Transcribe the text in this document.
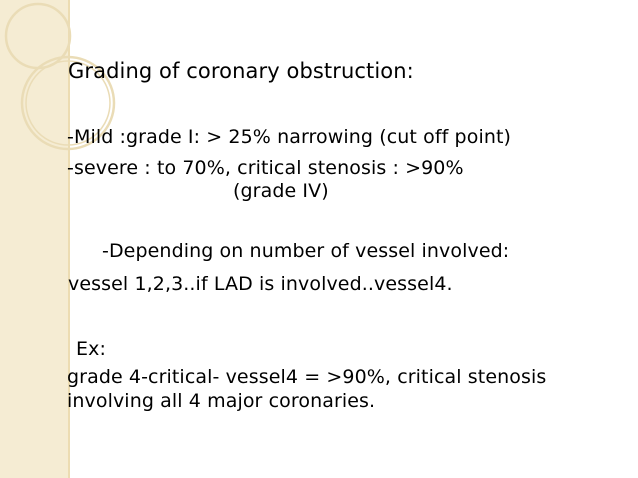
Grading of coronary obstruction:
-Mild :grade I: > 25% narrowing (cut off point)
-severe : to 70%, critical stenosis : >90%
(grade IV)
-Depending on number of vessel involved:
vessel 1,2,3..if LAD is involved..vessel4.
Ex:
grade 4-critical- vessel4 = >90%, critical stenosis
involving all 4 major coronaries.
